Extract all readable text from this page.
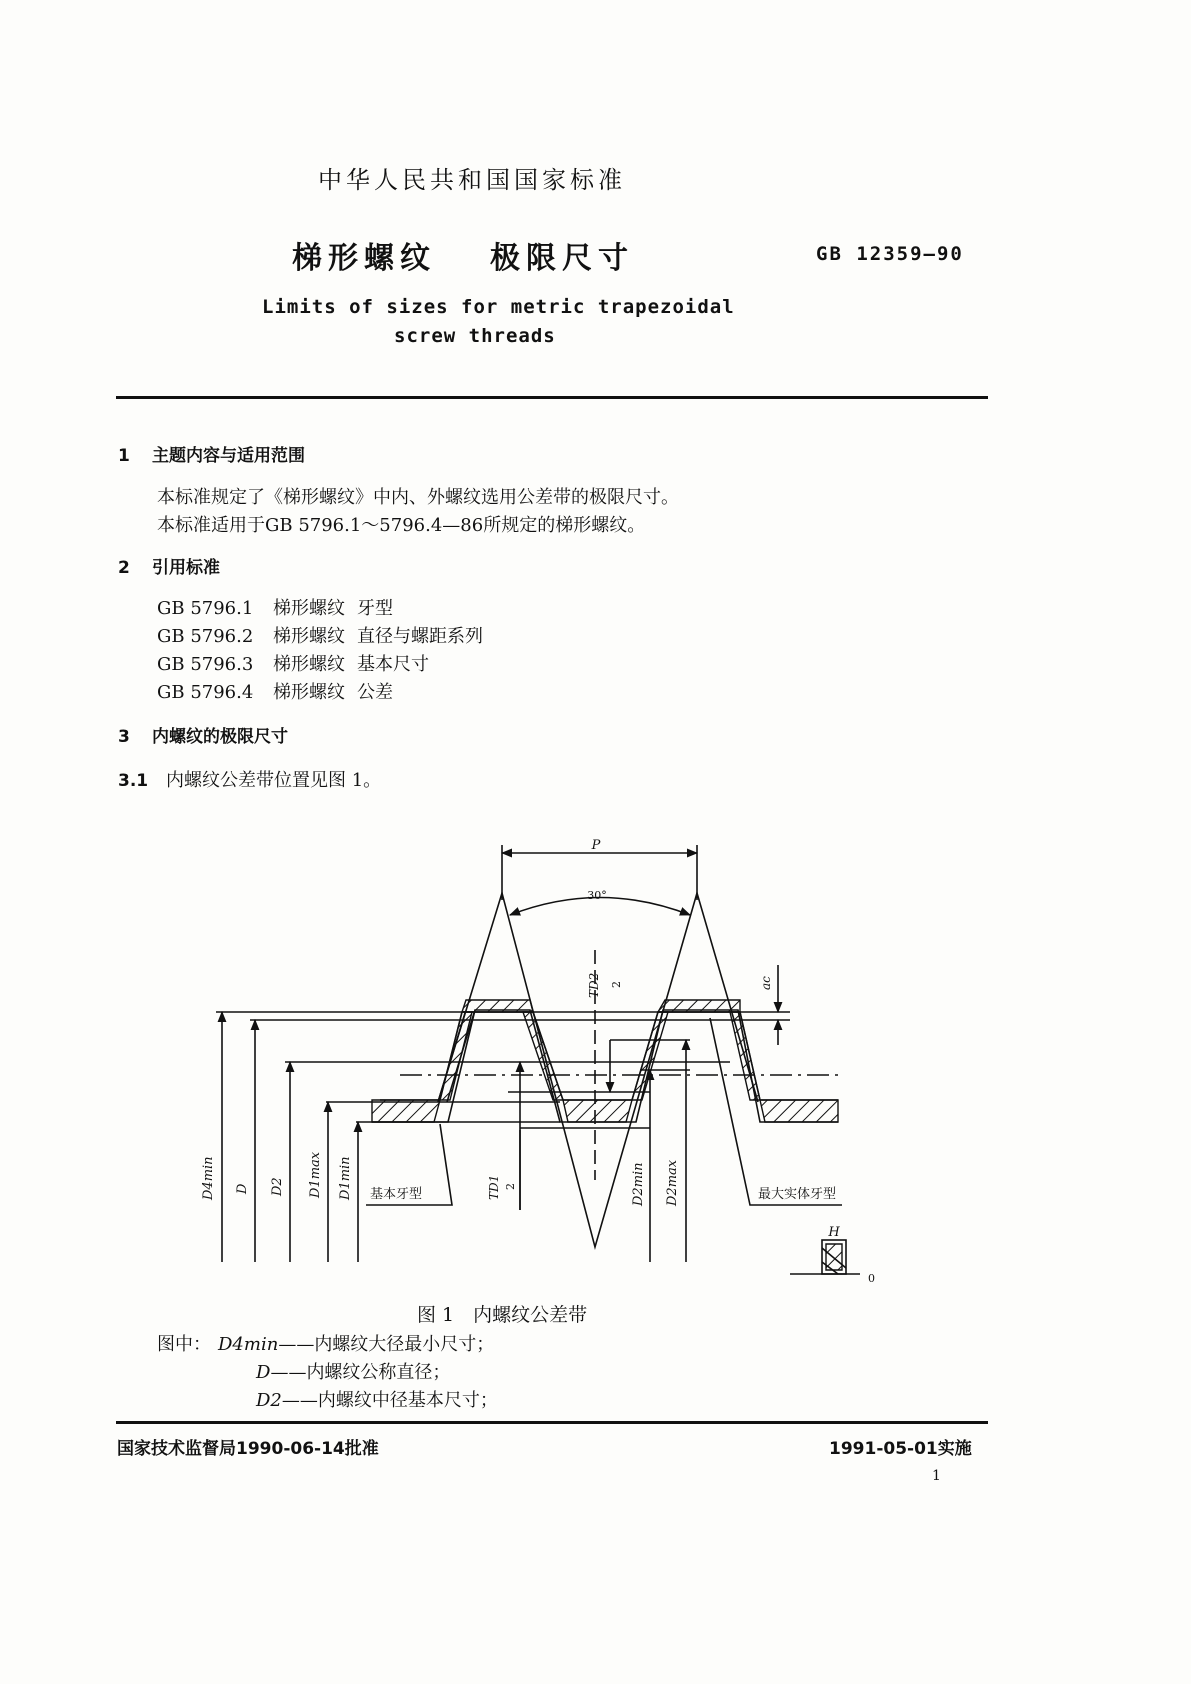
中华人民共和国国家标准
梯形螺纹 极限尺寸	GB 12359—90
Limits of sizes for metric trapezoidal
screw threads
1 主题内容与适用范围
本标准规定了《梯形螺纹》中内、外螺纹选用公差带的极限尺寸。
本标准适用于GB 5796.1～5796.4—86所规定的梯形螺纹。
2 引用标准
GB 5796.1 梯形螺纹 牙型
GB 5796.2 梯形螺纹 直径与螺距系列
GB 5796.3 梯形螺纹 基本尺寸
GB 5796.4 梯形螺纹 公差
3 内螺纹的极限尺寸
3.1 内螺纹公差带位置见图 1。
P
30°
ac
TD2 2
TD1 2
D4min D D2 D1max D1min	D2min D2max
基本牙型	最大实体牙型
H
0
图 1　内螺纹公差带
图中： D4min——内螺纹大径最小尺寸；
D——内螺纹公称直径；
D2——内螺纹中径基本尺寸；
国家技术监督局1990-06-14批准	1991-05-01实施
1
